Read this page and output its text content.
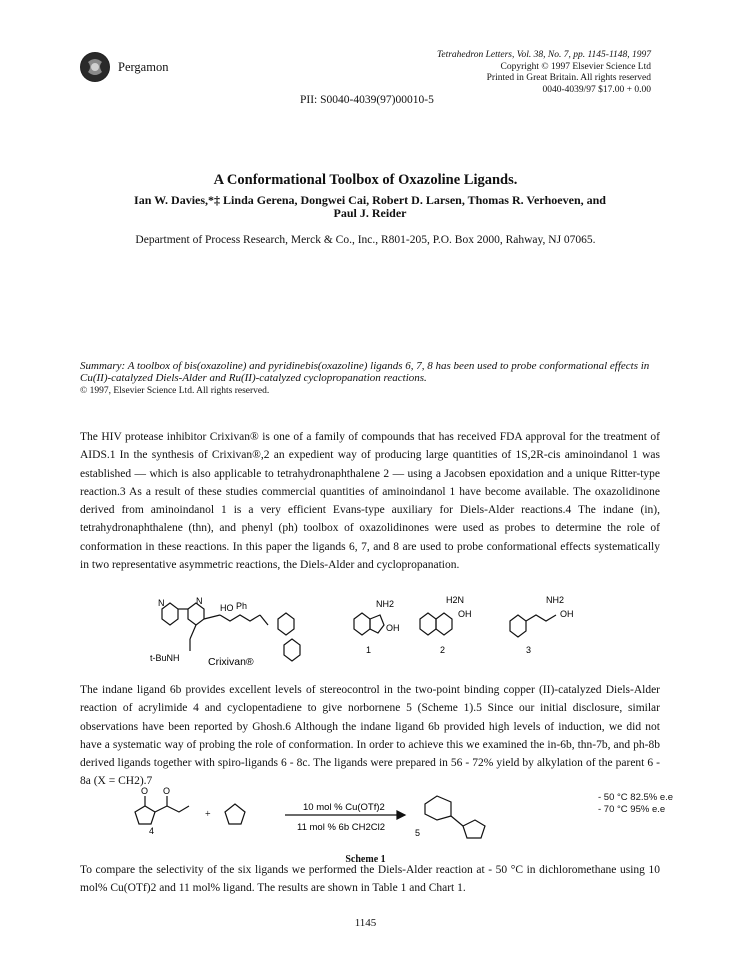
Pergamon
PII: S0040-4039(97)00010-5
Tetrahedron Letters, Vol. 38, No. 7, pp. 1145-1148, 1997
Copyright © 1997 Elsevier Science Ltd
Printed in Great Britain. All rights reserved
0040-4039/97 $17.00 + 0.00
A Conformational Toolbox of Oxazoline Ligands.
Ian W. Davies,*‡ Linda Gerena, Dongwei Cai, Robert D. Larsen, Thomas R. Verhoeven, and
Paul J. Reider
Department of Process Research, Merck & Co., Inc., R801-205, P.O. Box 2000, Rahway, NJ 07065.
Summary: A toolbox of bis(oxazoline) and pyridinebis(oxazoline) ligands 6, 7, 8 has been used to probe conformational effects in Cu(II)-catalyzed Diels-Alder and Ru(II)-catalyzed cyclopropanation reactions.
© 1997, Elsevier Science Ltd. All rights reserved.
The HIV protease inhibitor Crixivan® is one of a family of compounds that has received FDA approval for the treatment of AIDS.1 In the synthesis of Crixivan®,2 an expedient way of producing large quantities of 1S,2R-cis aminoindanol 1 was established — which is also applicable to tetrahydronaphthalene 2 — using a Jacobsen epoxidation and a unique Ritter-type reaction.3 As a result of these studies commercial quantities of aminoindanol 1 have become available. The oxazolidinone derived from aminoindanol 1 is a very efficient Evans-type auxiliary for Diels-Alder reactions.4 The indane (in), tetrahydronaphthalene (thn), and phenyl (ph) toolbox of oxazolidinones were used as probes to determine the role of conformation in these reactions. In this paper the ligands 6, 7, and 8 are used to probe conformational effects systematically in two representative asymmetric reactions, the Diels-Alder and cyclopropanation.
N	N	Ph
HO
t-BuNH	Crixivan®
NH2
OH
H2N
OH
NH2
OH
1	2	3
The indane ligand 6b provides excellent levels of stereocontrol in the two-point binding copper (II)-catalyzed Diels-Alder reaction of acrylimide 4 and cyclopentadiene to give norbornene 5 (Scheme 1).5 Since our initial disclosure, similar observations have been reported by Ghosh.6 Although the indane ligand 6b provided high levels of induction, we did not have a systematic way of probing the role of conformation. In order to achieve this we examined the in-6b, thn-7b, and ph-8b derived ligands together with spiro-ligands 6 - 8c. The ligands were prepared in 56 - 72% yield by alkylation of the parent 6 - 8a (X = CH2).7
O O
4
+
10 mol % Cu(OTf)2
11 mol % 6b CH2Cl2	5
- 50 °C 82.5% e.e
- 70 °C 95% e.e
Scheme 1
To compare the selectivity of the six ligands we performed the Diels-Alder reaction at - 50 °C in dichloromethane using 10 mol% Cu(OTf)2 and 11 mol% ligand. The results are shown in Table 1 and Chart 1.
1145
